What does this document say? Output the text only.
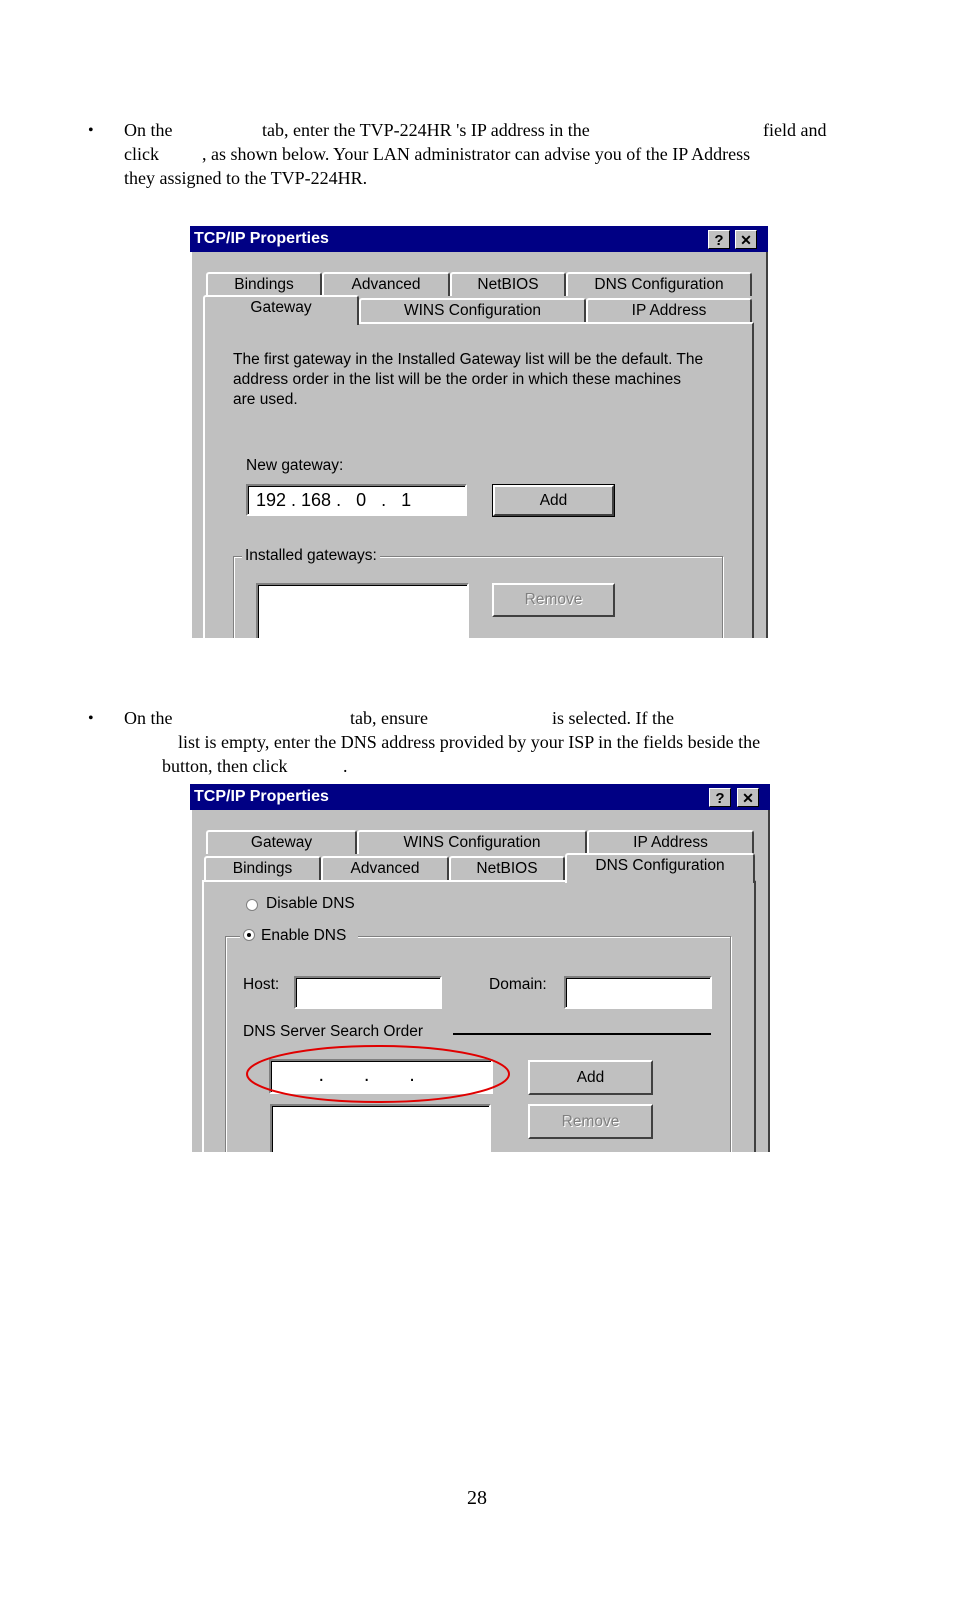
• On the	tab, enter the TVP-224HR 's IP address in the	field and
click , as shown below. Your LAN administrator can advise you of the IP Address
they assigned to the TVP-224HR.
TCP/IP Properties	?	✕
Bindings	Advanced	NetBIOS	DNS Configuration
Gateway	WINS Configuration	IP Address
The first gateway in the Installed Gateway list will be the default. The
address order in the list will be the order in which these machines
are used.
New gateway:
192 . 168 .   0   .   1	Add
Installed gateways:
Remove
• On the	tab, ensure	is selected. If the
list is empty, enter the DNS address provided by your ISP in the fields beside the
button, then click	.
TCP/IP Properties	?	✕
Gateway	WINS Configuration	IP Address
Bindings	Advanced	NetBIOS	DNS Configuration
Disable DNS
Enable DNS
Host:	Domain:
DNS Server Search Order
.     .     .	Add
Remove
28
